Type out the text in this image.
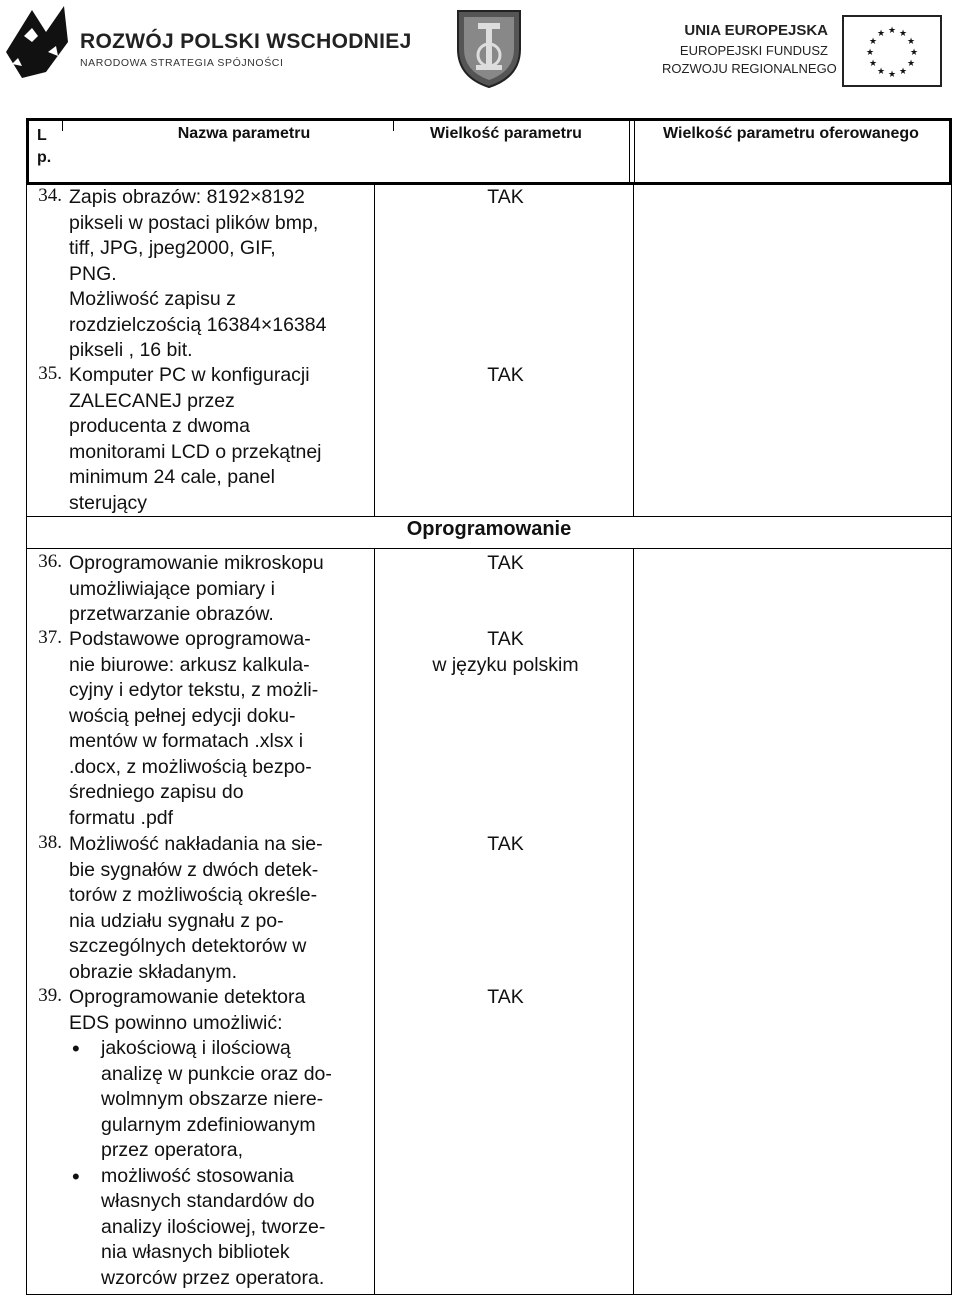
ROZWÓJ POLSKI WSCHODNIEJ
NARODOWA STRATEGIA SPÓJNOŚCI
UNIA EUROPEJSKA
EUROPEJSKI FUNDUSZ
ROZWOJU REGIONALNEGO
★ ★
★
★
★
★
★
★
★
★
★
★
L
p.
Nazwa parametru	Wielkość parametru	Wielkość parametru oferowanego
34. Zapis obrazów: 8192×8192
pikseli w postaci plików bmp,
tiff, JPG, jpeg2000, GIF,
PNG.
Możliwość zapisu z
rozdzielczością 16384×16384
pikseli , 16 bit.
TAK
35. Komputer PC w konfiguracji
ZALECANEJ przez
producenta z dwoma
monitorami LCD o przekątnej
minimum 24 cale, panel
sterujący
TAK
Oprogramowanie
36. Oprogramowanie mikroskopu
umożliwiające pomiary i
przetwarzanie obrazów.
TAK
37. Podstawowe oprogramowa-
nie biurowe: arkusz kalkula-
cyjny i edytor tekstu, z możli-
wością pełnej edycji doku-
mentów w formatach .xlsx i
.docx, z możliwością bezpo-
średniego zapisu do
formatu .pdf
TAK
w języku polskim
38. Możliwość nakładania na sie-
bie sygnałów z dwóch detek-
torów z możliwością określe-
nia udziału sygnału z po-
szczególnych detektorów w
obrazie składanym.
TAK
39. Oprogramowanie detektora
EDS powinno umożliwić:
• jakościową i ilościową
analizę w punkcie oraz do-
wolmnym obszarze niere-
gularnym zdefiniowanym
przez operatora,
• możliwość stosowania
własnych standardów do
analizy ilościowej, tworze-
nia własnych bibliotek
wzorców przez operatora.
TAK
